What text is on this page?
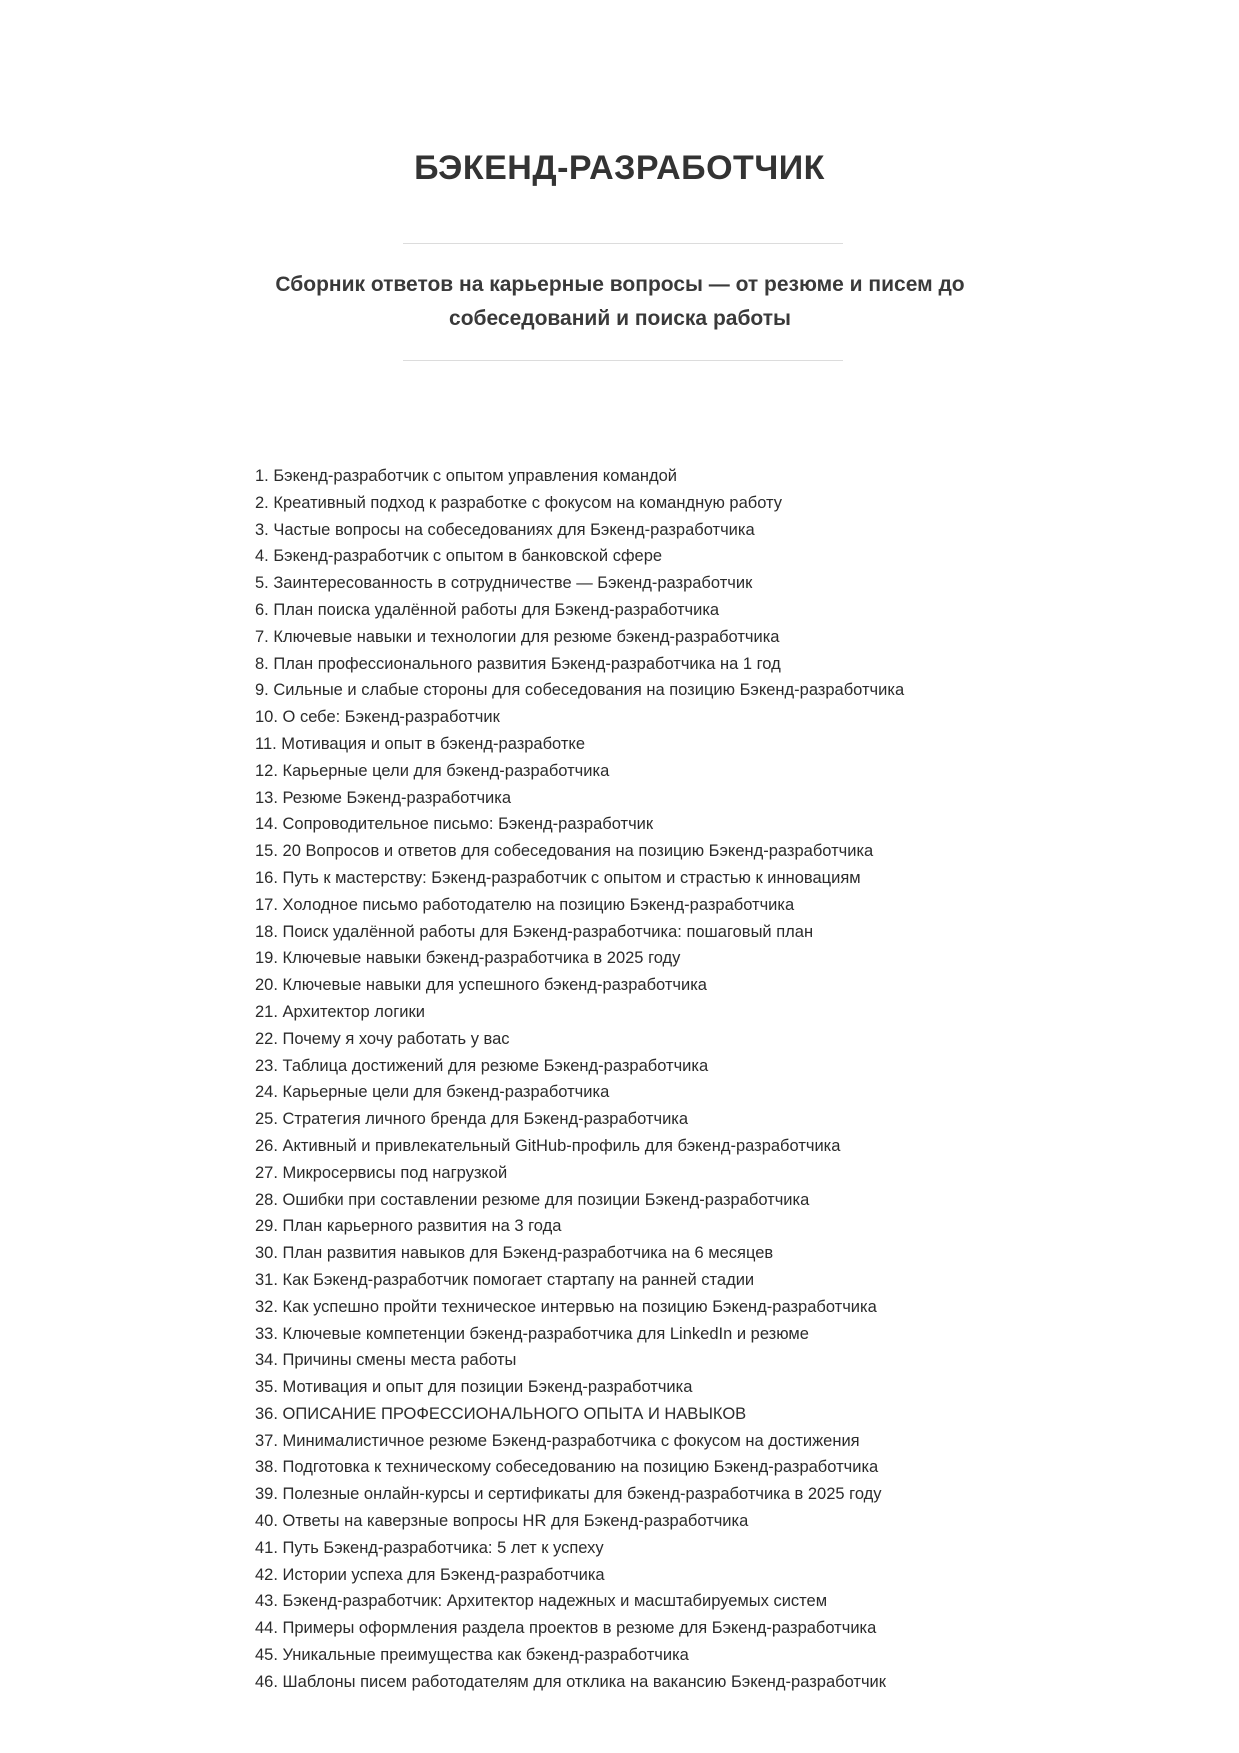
БЭКЕНД-РАЗРАБОТЧИК

Сборник ответов на карьерные вопросы — от резюме и писем до собеседований и поиска работы

1. Бэкенд-разработчик с опытом управления командой
2. Креативный подход к разработке с фокусом на командную работу
3. Частые вопросы на собеседованиях для Бэкенд-разработчика
4. Бэкенд-разработчик с опытом в банковской сфере
5. Заинтересованность в сотрудничестве — Бэкенд-разработчик
6. План поиска удалённой работы для Бэкенд-разработчика
7. Ключевые навыки и технологии для резюме бэкенд-разработчика
8. План профессионального развития Бэкенд-разработчика на 1 год
9. Сильные и слабые стороны для собеседования на позицию Бэкенд-разработчика
10. О себе: Бэкенд-разработчик
11. Мотивация и опыт в бэкенд-разработке
12. Карьерные цели для бэкенд-разработчика
13. Резюме Бэкенд-разработчика
14. Сопроводительное письмо: Бэкенд-разработчик
15. 20 Вопросов и ответов для собеседования на позицию Бэкенд-разработчика
16. Путь к мастерству: Бэкенд-разработчик с опытом и страстью к инновациям
17. Холодное письмо работодателю на позицию Бэкенд-разработчика
18. Поиск удалённой работы для Бэкенд-разработчика: пошаговый план
19. Ключевые навыки бэкенд-разработчика в 2025 году
20. Ключевые навыки для успешного бэкенд-разработчика
21. Архитектор логики
22. Почему я хочу работать у вас
23. Таблица достижений для резюме Бэкенд-разработчика
24. Карьерные цели для бэкенд-разработчика
25. Стратегия личного бренда для Бэкенд-разработчика
26. Активный и привлекательный GitHub-профиль для бэкенд-разработчика
27. Микросервисы под нагрузкой
28. Ошибки при составлении резюме для позиции Бэкенд-разработчика
29. План карьерного развития на 3 года
30. План развития навыков для Бэкенд-разработчика на 6 месяцев
31. Как Бэкенд-разработчик помогает стартапу на ранней стадии
32. Как успешно пройти техническое интервью на позицию Бэкенд-разработчика
33. Ключевые компетенции бэкенд-разработчика для LinkedIn и резюме
34. Причины смены места работы
35. Мотивация и опыт для позиции Бэкенд-разработчика
36. ОПИСАНИЕ ПРОФЕССИОНАЛЬНОГО ОПЫТА И НАВЫКОВ
37. Минималистичное резюме Бэкенд-разработчика с фокусом на достижения
38. Подготовка к техническому собеседованию на позицию Бэкенд-разработчика
39. Полезные онлайн-курсы и сертификаты для бэкенд-разработчика в 2025 году
40. Ответы на каверзные вопросы HR для Бэкенд-разработчика
41. Путь Бэкенд-разработчика: 5 лет к успеху
42. Истории успеха для Бэкенд-разработчика
43. Бэкенд-разработчик: Архитектор надежных и масштабируемых систем
44. Примеры оформления раздела проектов в резюме для Бэкенд-разработчика
45. Уникальные преимущества как бэкенд-разработчика
46. Шаблоны писем работодателям для отклика на вакансию Бэкенд-разработчик
